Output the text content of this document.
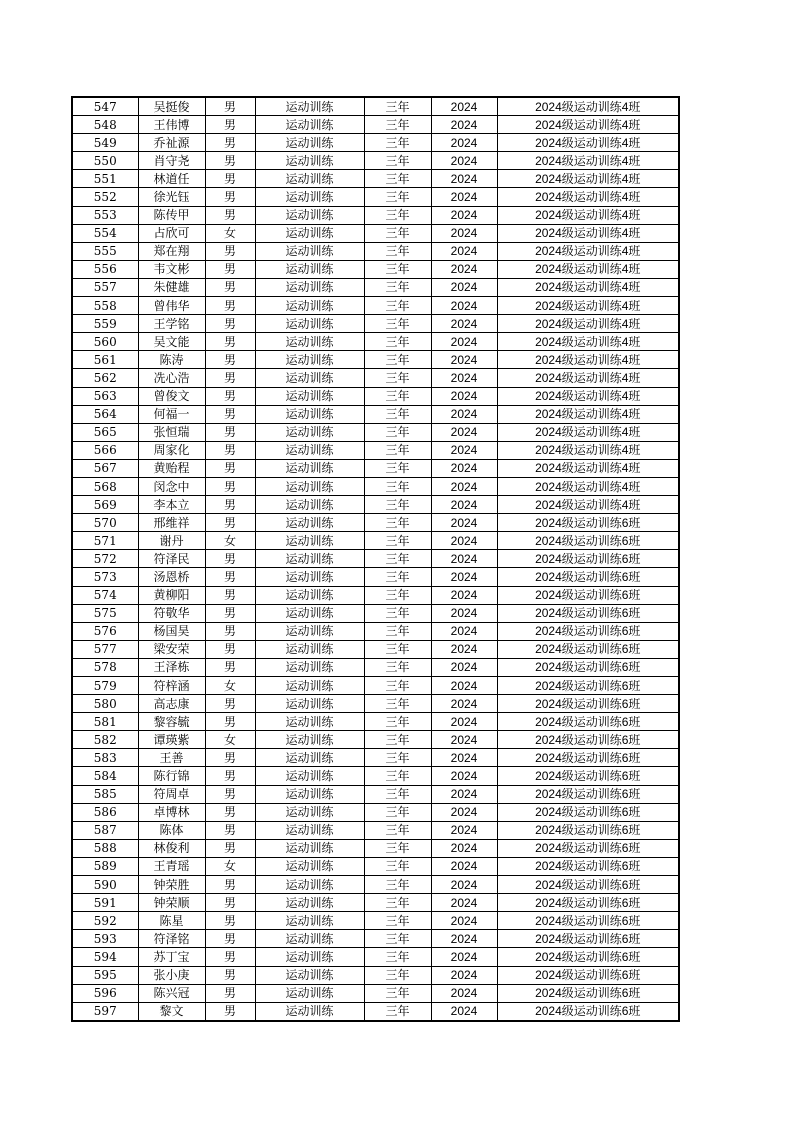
547	吴挺俊	男	运动训练	三年	2024	2024级运动训练4班
548	王伟博	男	运动训练	三年	2024	2024级运动训练4班
549	乔祉源	男	运动训练	三年	2024	2024级运动训练4班
550	肖守尧	男	运动训练	三年	2024	2024级运动训练4班
551	林道任	男	运动训练	三年	2024	2024级运动训练4班
552	徐光钰	男	运动训练	三年	2024	2024级运动训练4班
553	陈传甲	男	运动训练	三年	2024	2024级运动训练4班
554	占欣可	女	运动训练	三年	2024	2024级运动训练4班
555	郑在翔	男	运动训练	三年	2024	2024级运动训练4班
556	韦文彬	男	运动训练	三年	2024	2024级运动训练4班
557	朱健雄	男	运动训练	三年	2024	2024级运动训练4班
558	曾伟华	男	运动训练	三年	2024	2024级运动训练4班
559	王学铭	男	运动训练	三年	2024	2024级运动训练4班
560	吴文能	男	运动训练	三年	2024	2024级运动训练4班
561	陈涛	男	运动训练	三年	2024	2024级运动训练4班
562	冼心浩	男	运动训练	三年	2024	2024级运动训练4班
563	曾俊文	男	运动训练	三年	2024	2024级运动训练4班
564	何福一	男	运动训练	三年	2024	2024级运动训练4班
565	张恒瑞	男	运动训练	三年	2024	2024级运动训练4班
566	周家化	男	运动训练	三年	2024	2024级运动训练4班
567	黄贻程	男	运动训练	三年	2024	2024级运动训练4班
568	闵念中	男	运动训练	三年	2024	2024级运动训练4班
569	李本立	男	运动训练	三年	2024	2024级运动训练4班
570	邢维祥	男	运动训练	三年	2024	2024级运动训练6班
571	谢丹	女	运动训练	三年	2024	2024级运动训练6班
572	符泽民	男	运动训练	三年	2024	2024级运动训练6班
573	汤恩桥	男	运动训练	三年	2024	2024级运动训练6班
574	黄柳阳	男	运动训练	三年	2024	2024级运动训练6班
575	符敬华	男	运动训练	三年	2024	2024级运动训练6班
576	杨国昊	男	运动训练	三年	2024	2024级运动训练6班
577	梁安荣	男	运动训练	三年	2024	2024级运动训练6班
578	王泽栋	男	运动训练	三年	2024	2024级运动训练6班
579	符梓涵	女	运动训练	三年	2024	2024级运动训练6班
580	高志康	男	运动训练	三年	2024	2024级运动训练6班
581	黎容毓	男	运动训练	三年	2024	2024级运动训练6班
582	谭瑛紫	女	运动训练	三年	2024	2024级运动训练6班
583	王善	男	运动训练	三年	2024	2024级运动训练6班
584	陈行锦	男	运动训练	三年	2024	2024级运动训练6班
585	符周卓	男	运动训练	三年	2024	2024级运动训练6班
586	卓博林	男	运动训练	三年	2024	2024级运动训练6班
587	陈体	男	运动训练	三年	2024	2024级运动训练6班
588	林俊利	男	运动训练	三年	2024	2024级运动训练6班
589	王青瑶	女	运动训练	三年	2024	2024级运动训练6班
590	钟荣胜	男	运动训练	三年	2024	2024级运动训练6班
591	钟荣顺	男	运动训练	三年	2024	2024级运动训练6班
592	陈星	男	运动训练	三年	2024	2024级运动训练6班
593	符泽铭	男	运动训练	三年	2024	2024级运动训练6班
594	苏丁宝	男	运动训练	三年	2024	2024级运动训练6班
595	张小庚	男	运动训练	三年	2024	2024级运动训练6班
596	陈兴冠	男	运动训练	三年	2024	2024级运动训练6班
597	黎文	男	运动训练	三年	2024	2024级运动训练6班
